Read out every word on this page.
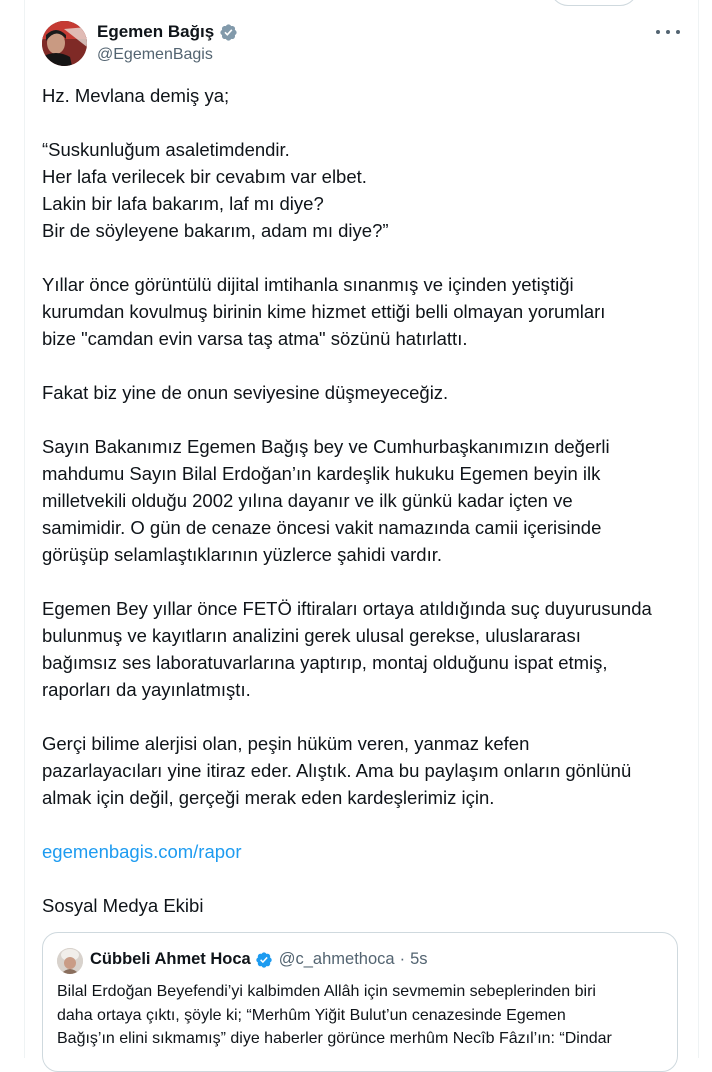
Egemen Bağış
@EgemenBagis
Hz. Mevlana demiş ya;

“Suskunluğum asaletimdendir.
Her lafa verilecek bir cevabım var elbet.
Lakin bir lafa bakarım, laf mı diye?
Bir de söyleyene bakarım, adam mı diye?”

Yıllar önce görüntülü dijital imtihanla sınanmış ve içinden yetiştiği
kurumdan kovulmuş birinin kime hizmet ettiği belli olmayan yorumları
bize "camdan evin varsa taş atma" sözünü hatırlattı.

Fakat biz yine de onun seviyesine düşmeyeceğiz.

Sayın Bakanımız Egemen Bağış bey ve Cumhurbaşkanımızın değerli
mahdumu Sayın Bilal Erdoğan’ın kardeşlik hukuku Egemen beyin ilk
milletvekili olduğu 2002 yılına dayanır ve ilk günkü kadar içten ve
samimidir. O gün de cenaze öncesi vakit namazında camii içerisinde
görüşüp selamlaştıklarının yüzlerce şahidi vardır.

Egemen Bey yıllar önce FETÖ iftiraları ortaya atıldığında suç duyurusunda
bulunmuş ve kayıtların analizini gerek ulusal gerekse, uluslararası
bağımsız ses laboratuvarlarına yaptırıp, montaj olduğunu ispat etmiş,
raporları da yayınlatmıştı.

Gerçi bilime alerjisi olan, peşin hüküm veren, yanmaz kefen
pazarlayacıları yine itiraz eder. Alıştık. Ama bu paylaşım onların gönlünü
almak için değil, gerçeği merak eden kardeşlerimiz için.

egemenbagis.com/rapor

Sosyal Medya Ekibi
Cübbeli Ahmet Hoca @c_ahmethoca · 5s
Bilal Erdoğan Beyefendi’yi kalbimden Allâh için sevmemin sebeplerinden biri
daha ortaya çıktı, şöyle ki; “Merhûm Yiğit Bulut’un cenazesinde Egemen
Bağış’ın elini sıkmamış” diye haberler görünce merhûm Necîb Fâzıl’ın: “Dindar
